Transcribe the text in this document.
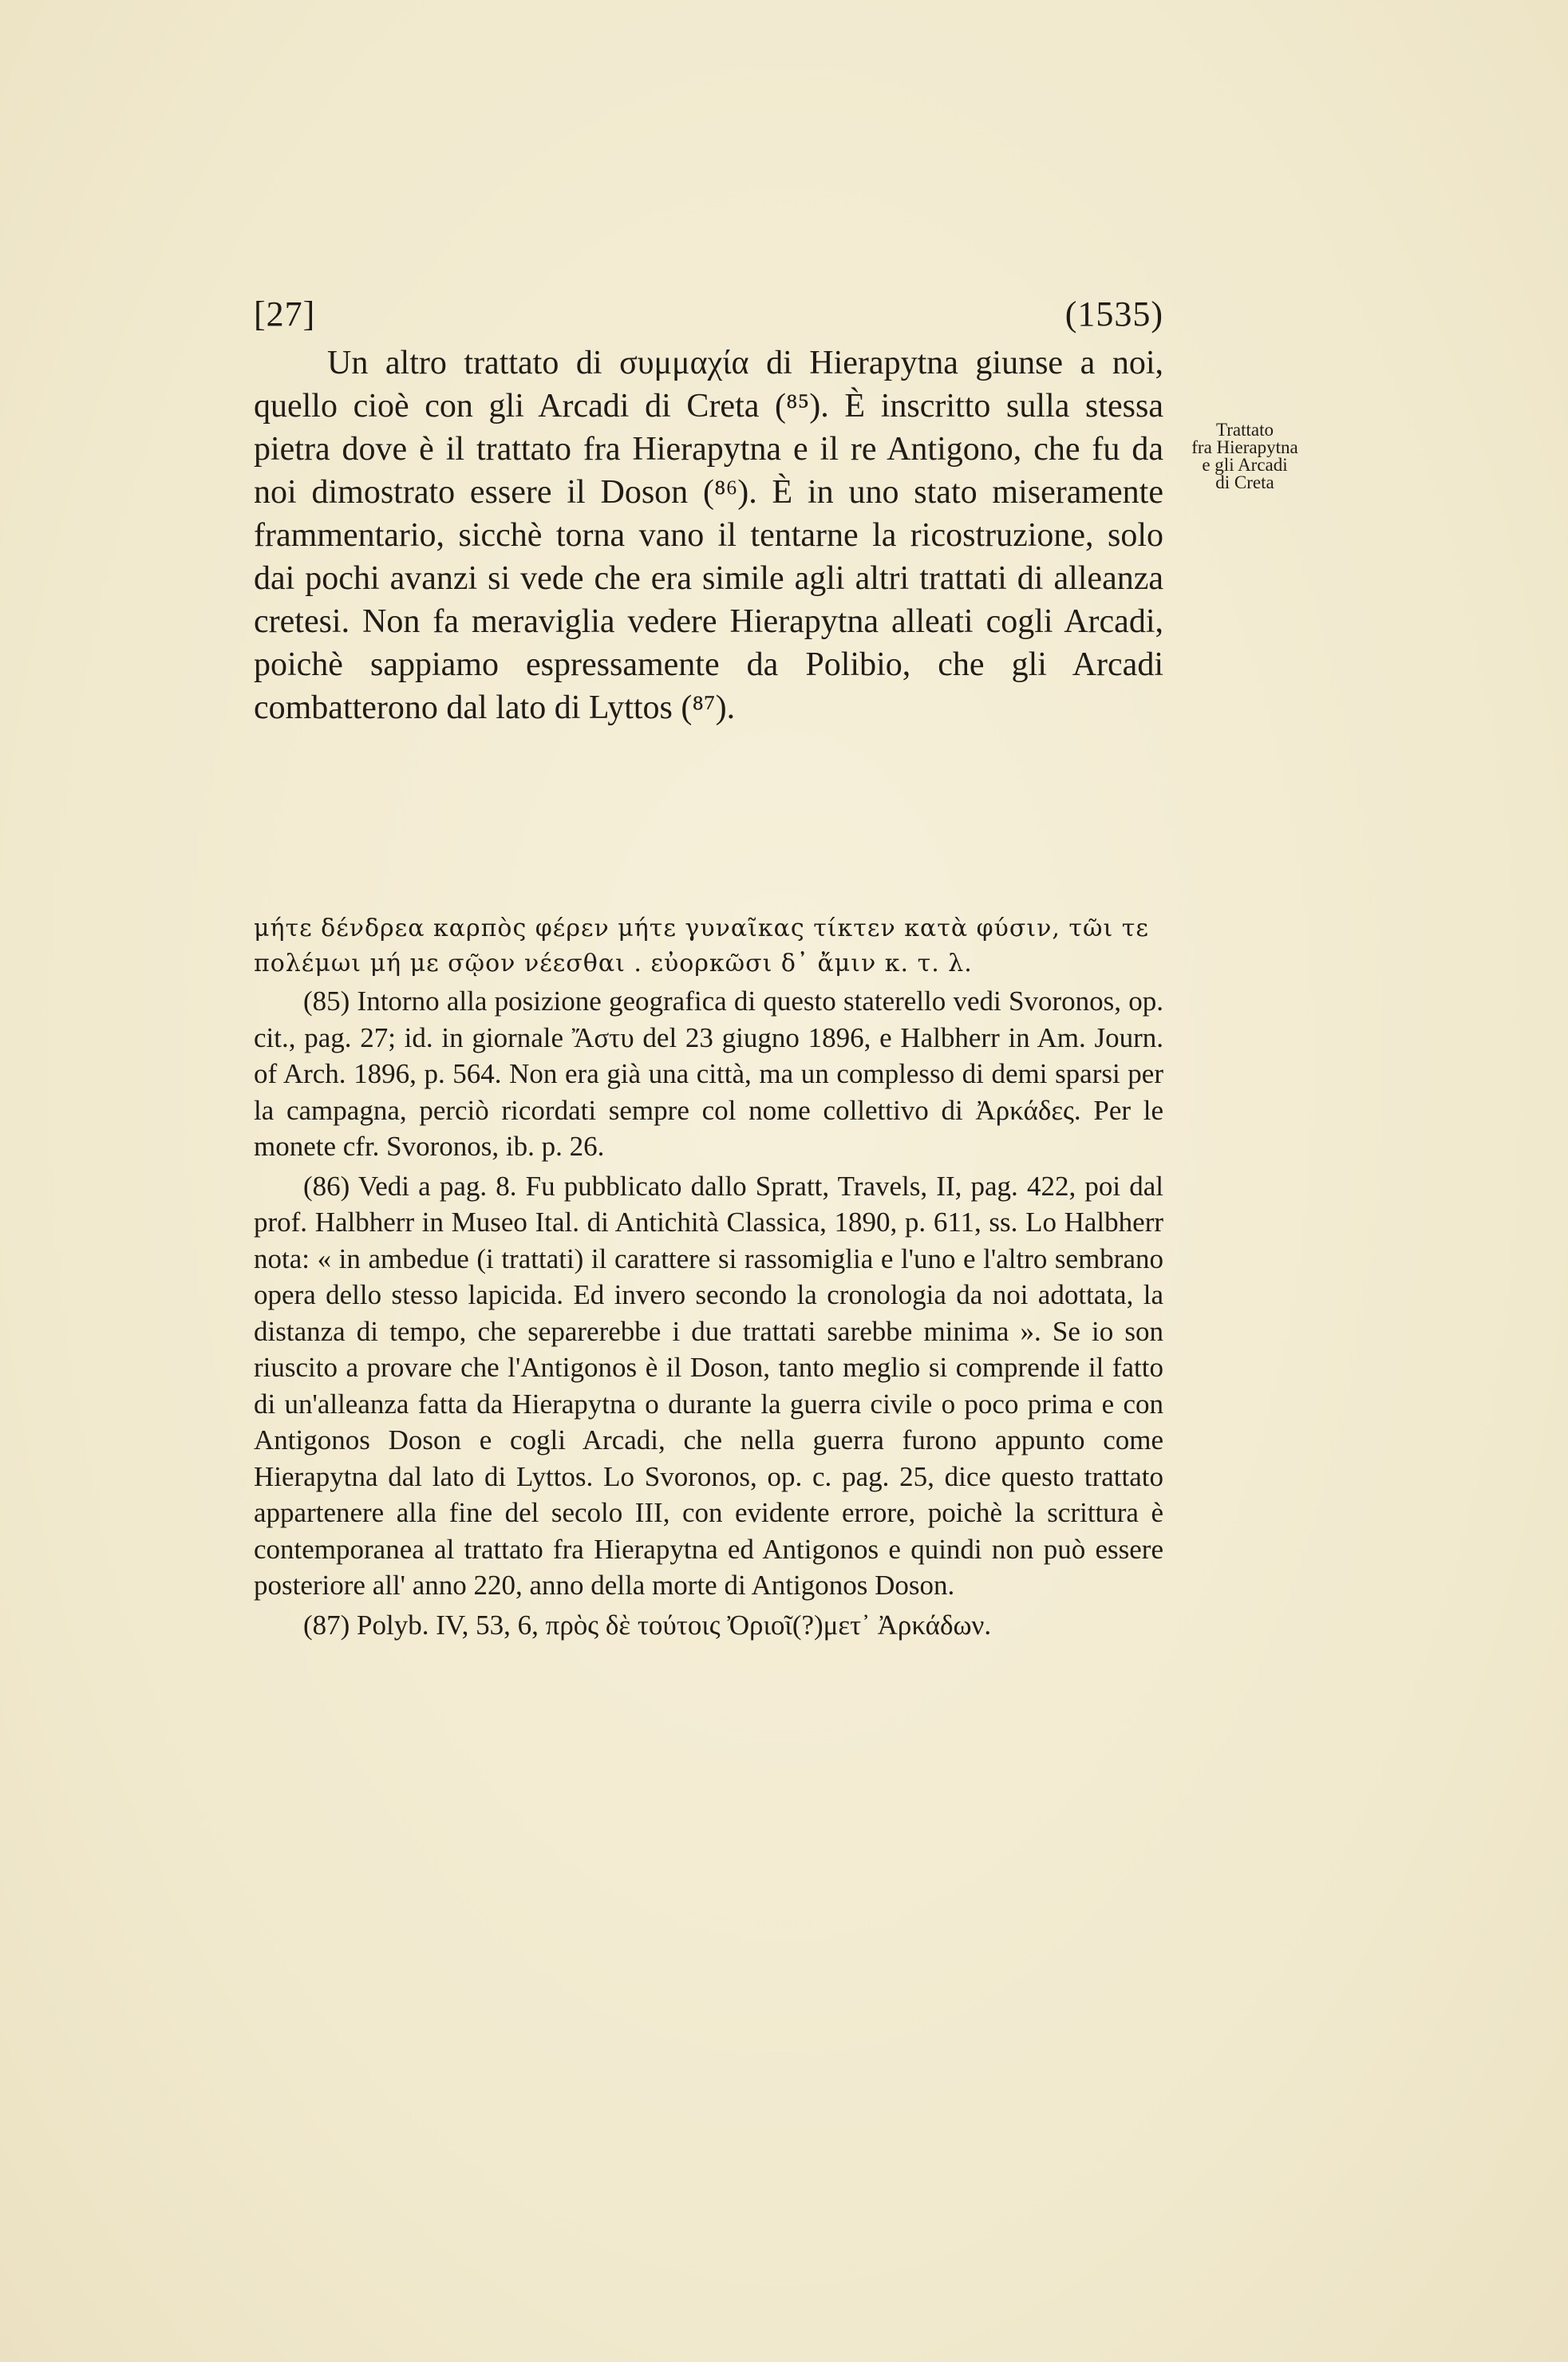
[27]	(1535)

Un altro trattato di συμμαχία di Hierapytna giunse a noi, quello cioè con gli Arcadi di Creta (⁸⁵). È inscritto sulla stessa pietra dove è il trattato fra Hierapytna e il re Antigono, che fu da noi dimostrato essere il Doson (⁸⁶). È in uno stato miseramente frammentario, sicchè torna vano il tentarne la ricostruzione, solo dai pochi avanzi si vede che era simile agli altri trattati di alleanza cretesi. Non fa meraviglia vedere Hierapytna alleati cogli Arcadi, poichè sappiamo espressamente da Polibio, che gli Arcadi combatterono dal lato di Lyttos (⁸⁷).

Trattato
fra Hierapytna
e gli Arcadi
di Creta
μήτε δένδρεα καρπὸς φέρεν μήτε γυναῖκας τίκτεν κατὰ φύσιν, τῶι τε
πολέμωι μή με σῷον νέεσθαι . εὐορκῶσι δ᾽ ἄμιν κ. τ. λ.

(85) Intorno alla posizione geografica di questo staterello vedi Svoronos, op. cit., pag. 27; id. in giornale Ἄστυ del 23 giugno 1896, e Halbherr in Am. Journ. of Arch. 1896, p. 564. Non era già una città, ma un complesso di demi sparsi per la campagna, perciò ricordati sempre col nome collettivo di Ἀρκάδες. Per le monete cfr. Svoronos, ib. p. 26.

(86) Vedi a pag. 8. Fu pubblicato dallo Spratt, Travels, II, pag. 422, poi dal prof. Halbherr in Museo Ital. di Antichità Classica, 1890, p. 611, ss. Lo Halbherr nota: « in ambedue (i trattati) il carattere si rassomiglia e l'uno e l'altro sembrano opera dello stesso lapicida. Ed invero secondo la cronologia da noi adottata, la distanza di tempo, che separerebbe i due trattati sarebbe minima ». Se io son riuscito a provare che l'Antigonos è il Doson, tanto meglio si comprende il fatto di un'alleanza fatta da Hierapytna o durante la guerra civile o poco prima e con Antigonos Doson e cogli Arcadi, che nella guerra furono appunto come Hierapytna dal lato di Lyttos. Lo Svoronos, op. c. pag. 25, dice questo trattato appartenere alla fine del secolo III, con evidente errore, poichè la scrittura è contemporanea al trattato fra Hierapytna ed Antigonos e quindi non può essere posteriore all' anno 220, anno della morte di Antigonos Doson.

(87) Polyb. IV, 53, 6, πρὸς δὲ τούτοις Ὀριοῖ(?)μετ᾽ Ἀρκάδων.
